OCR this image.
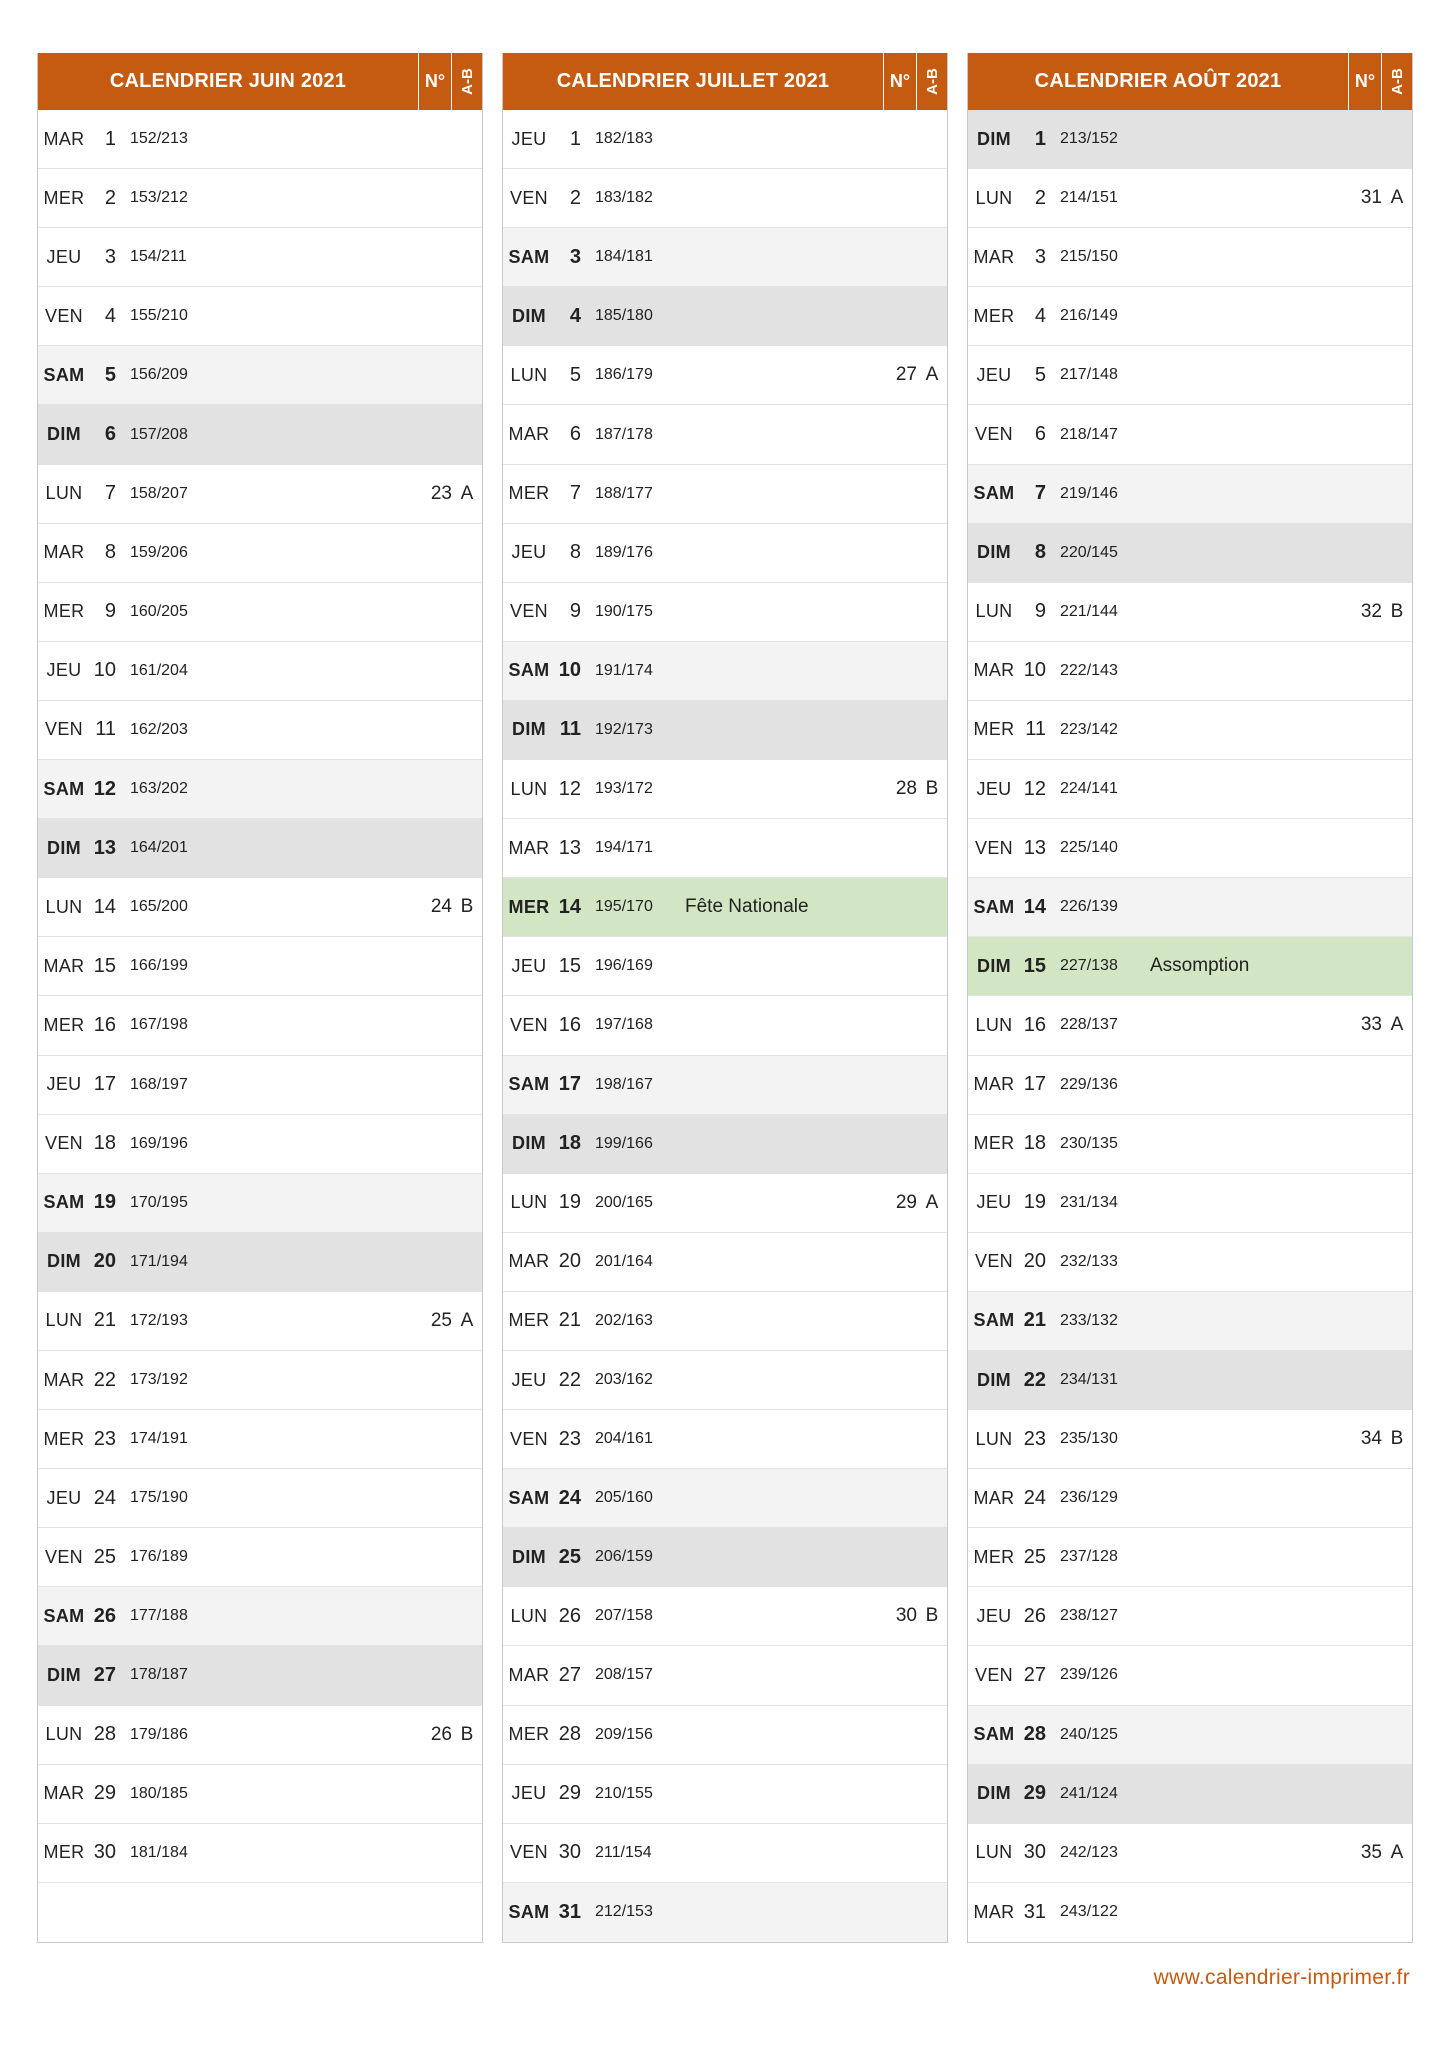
CALENDRIER JUIN 2021	N° A-B
MAR	1 152/213
MER	2 153/212
JEU	3 154/211
VEN	4 155/210
SAM	5 156/209
DIM	6 157/208
LUN	7 158/207	23 A
MAR	8 159/206
MER	9 160/205
JEU 10 161/204
VEN 11 162/203
SAM 12 163/202
DIM 13 164/201
LUN 14 165/200	24 B
MAR 15 166/199
MER 16 167/198
JEU 17 168/197
VEN 18 169/196
SAM 19 170/195
DIM 20 171/194
LUN 21 172/193	25 A
MAR 22 173/192
MER 23 174/191
JEU 24 175/190
VEN 25 176/189
SAM 26 177/188
DIM 27 178/187
LUN 28 179/186	26 B
MAR 29 180/185
MER 30 181/184
CALENDRIER JUILLET 2021	N° A-B
JEU	1 182/183
VEN	2 183/182
SAM	3 184/181
DIM	4 185/180
LUN	5 186/179	27 A
MAR	6 187/178
MER	7 188/177
JEU	8 189/176
VEN	9 190/175
SAM 10 191/174
DIM 11 192/173
LUN 12 193/172	28 B
MAR 13 194/171
MER 14 195/170	Fête Nationale
JEU 15 196/169
VEN 16 197/168
SAM 17 198/167
DIM 18 199/166
LUN 19 200/165	29 A
MAR 20 201/164
MER 21 202/163
JEU 22 203/162
VEN 23 204/161
SAM 24 205/160
DIM 25 206/159
LUN 26 207/158	30 B
MAR 27 208/157
MER 28 209/156
JEU 29 210/155
VEN 30 211/154
SAM 31 212/153
CALENDRIER AOÛT 2021	N° A-B
DIM	1 213/152
LUN	2 214/151	31 A
MAR	3 215/150
MER	4 216/149
JEU	5 217/148
VEN	6 218/147
SAM	7 219/146
DIM	8 220/145
LUN	9 221/144	32 B
MAR 10 222/143
MER 11 223/142
JEU 12 224/141
VEN 13 225/140
SAM 14 226/139
DIM 15 227/138	Assomption
LUN 16 228/137	33 A
MAR 17 229/136
MER 18 230/135
JEU 19 231/134
VEN 20 232/133
SAM 21 233/132
DIM 22 234/131
LUN 23 235/130	34 B
MAR 24 236/129
MER 25 237/128
JEU 26 238/127
VEN 27 239/126
SAM 28 240/125
DIM 29 241/124
LUN 30 242/123	35 A
MAR 31 243/122
www.calendrier-imprimer.fr
